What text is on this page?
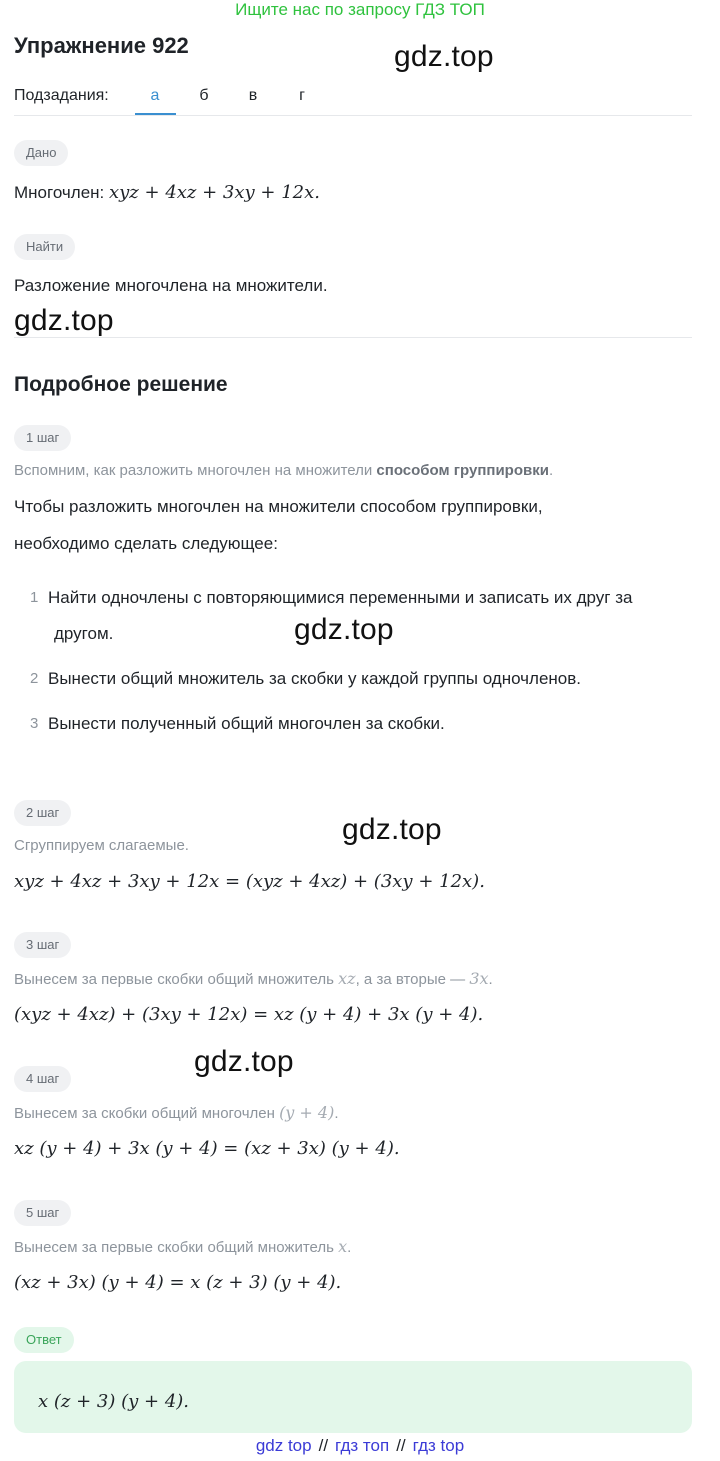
Ищите нас по запросу ГДЗ ТОП
Упражнение 922	gdz.top
gdz.top
gdz.top
gdz.top
gdz.top
Подзадания:	а	б	в	г
Дано
Многочлен: xyz + 4xz + 3xy + 12x.
Найти
Разложение многочлена на множители.
Подробное решение
1 шаг
Вспомним, как разложить многочлен на множители способом группировки.
Чтобы разложить многочлен на множители способом группировки,
необходимо сделать следующее:
1 Найти одночлены с повторяющимися переменными и записать их друг за
другом.
2 Вынести общий множитель за скобки у каждой группы одночленов.
3 Вынести полученный общий многочлен за скобки.
2 шаг
Сгруппируем слагаемые.
xyz + 4xz + 3xy + 12x = (xyz + 4xz) + (3xy + 12x).
3 шаг
Вынесем за первые скобки общий множитель xz, а за вторые — 3x.
(xyz + 4xz) + (3xy + 12x) = xz (y + 4) + 3x (y + 4).
4 шаг
Вынесем за скобки общий многочлен (y + 4).
xz (y + 4) + 3x (y + 4) = (xz + 3x) (y + 4).
5 шаг
Вынесем за первые скобки общий множитель x.
(xz + 3x) (y + 4) = x (z + 3) (y + 4).
Ответ
x (z + 3) (y + 4).
gdz top // гдз топ // гдз top
